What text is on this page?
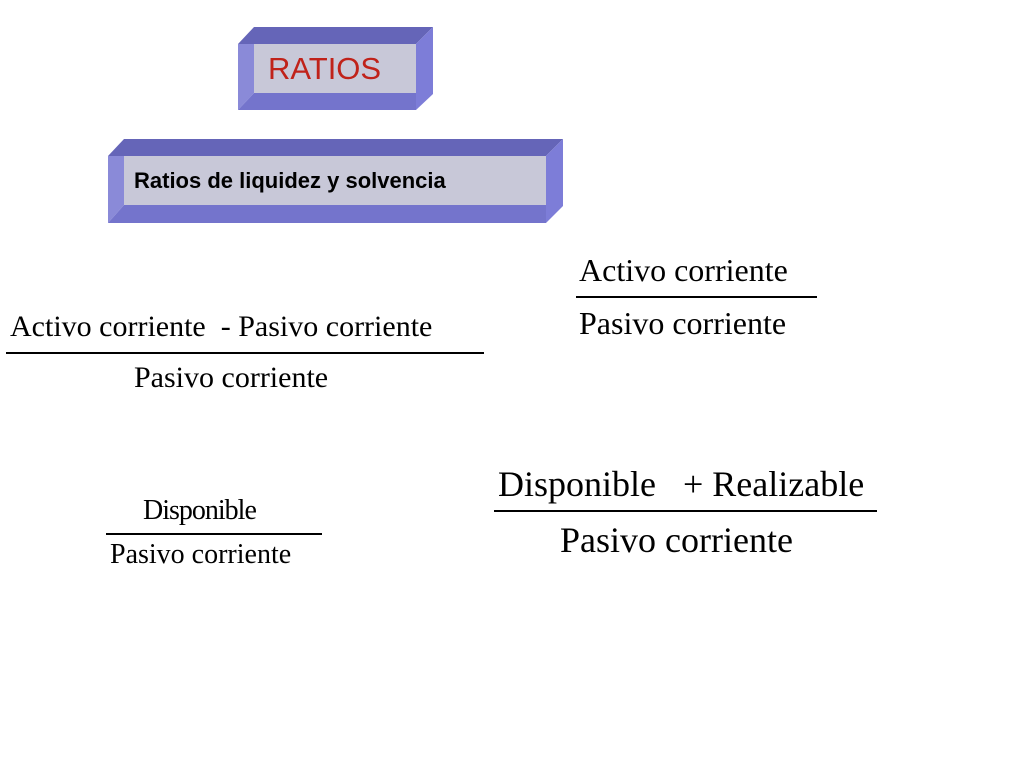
RATIOS
Ratios de liquidez y solvencia
Activo corriente
Pasivo corriente
Activo corriente  - Pasivo corriente
Pasivo corriente
Disponible
Pasivo corriente
Disponible   + Realizable
Pasivo corriente
